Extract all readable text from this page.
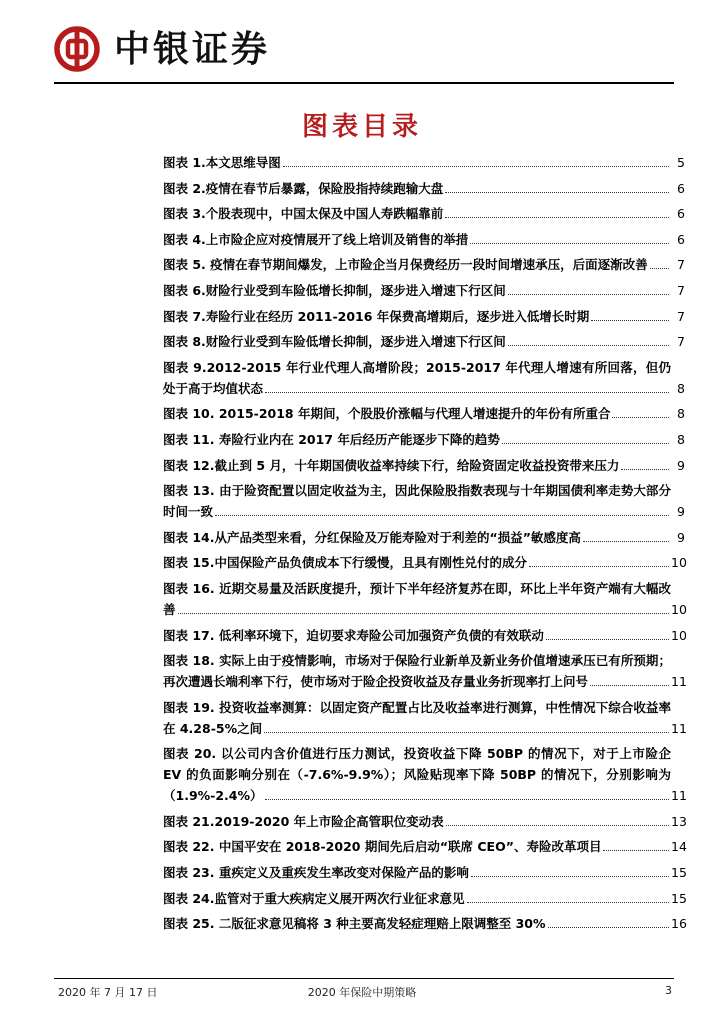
中银证券
图表目录
图表 1.本文思维导图	5
图表 2.疫情在春节后暴露，保险股指持续跑输大盘	6
图表 3.个股表现中，中国太保及中国人寿跌幅靠前	6
图表 4.上市险企应对疫情展开了线上培训及销售的举措	6
图表 5. 疫情在春节期间爆发，上市险企当月保费经历一段时间增速承压，后面逐渐改善	7
图表 6.财险行业受到车险低增长抑制，逐步进入增速下行区间	7
图表 7.寿险行业在经历 2011-2016 年保费高增期后，逐步进入低增长时期	7
图表 8.财险行业受到车险低增长抑制，逐步进入增速下行区间	7
图表 9.2012-2015 年行业代理人高增阶段；2015-2017 年代理人增速有所回落，但仍处于高于均值状态	8
图表 10. 2015-2018 年期间，个股股价涨幅与代理人增速提升的年份有所重合	8
图表 11. 寿险行业内在 2017 年后经历产能逐步下降的趋势	8
图表 12.截止到 5 月，十年期国债收益率持续下行，给险资固定收益投资带来压力	9
图表 13. 由于险资配置以固定收益为主，因此保险股指数表现与十年期国债利率走势大部分时间一致	9
图表 14.从产品类型来看，分红保险及万能寿险对于利差的“损益”敏感度高	9
图表 15.中国保险产品负债成本下行缓慢，且具有刚性兑付的成分	10
图表 16. 近期交易量及活跃度提升，预计下半年经济复苏在即，环比上半年资产端有大幅改善	10
图表 17. 低利率环境下，迫切要求寿险公司加强资产负债的有效联动	10
图表 18. 实际上由于疫情影响，市场对于保险行业新单及新业务价值增速承压已有所预期；再次遭遇长端利率下行，使市场对于险企投资收益及存量业务折现率打上问号	11
图表 19. 投资收益率测算：以固定资产配置占比及收益率进行测算，中性情况下综合收益率在 4.28-5%之间	11
图表 20. 以公司内含价值进行压力测试，投资收益下降 50BP 的情况下，对于上市险企 EV 的负面影响分别在（-7.6%-9.9%）；风险贴现率下降 50BP 的情况下，分别影响为（1.9%-2.4%）	11
图表 21.2019-2020 年上市险企高管职位变动表	13
图表 22. 中国平安在 2018-2020 期间先后启动“联席 CEO”、寿险改革项目	14
图表 23. 重疾定义及重疾发生率改变对保险产品的影响	15
图表 24.监管对于重大疾病定义展开两次行业征求意见	15
图表 25. 二版征求意见稿将 3 种主要高发轻症理赔上限调整至 30%	16
2020 年 7 月 17 日	2020 年保险中期策略	3
